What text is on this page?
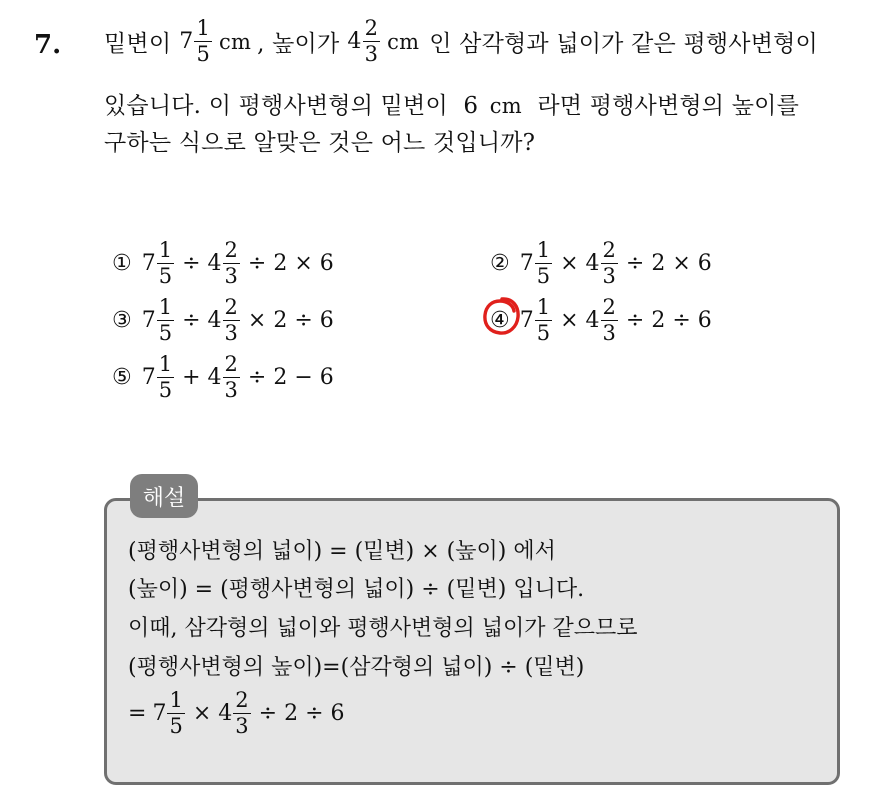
7. 밑변이 $7 \frac{1}{5}$ cm , 높이가 $4 \frac{2}{3}$ cm 인 삼각형과 넓이가 같은 평행사변형이
있습니다. 이 평행사변형의 밑변이 6 cm 라면 평행사변형의 높이를
구하는 식으로 알맞은 것은 어느 것입니까?
① $7 \frac{1}{5} \div 4 \frac{2}{3} \div 2 \times 6$	② $7 \frac{1}{5} \times 4 \frac{2}{3} \div 2 \times 6$
③ $7 \frac{1}{5} \div 4 \frac{2}{3} \times 2 \div 6$	④ $7 \frac{1}{5} \times 4 \frac{2}{3} \div 2 \div 6$
⑤ $7 \frac{1}{5} + 4 \frac{2}{3} \div 2 - 6$
해설
(평행사변형의 넓이) = (밑변) × (높이) 에서
(높이) = (평행사변형의 넓이) ÷ (밑변) 입니다.
이때, 삼각형의 넓이와 평행사변형의 넓이가 같으므로
(평행사변형의 높이)=(삼각형의 넓이) ÷ (밑변)
= $7 \frac{1}{5} \times 4 \frac{2}{3} \div 2 \div 6$
